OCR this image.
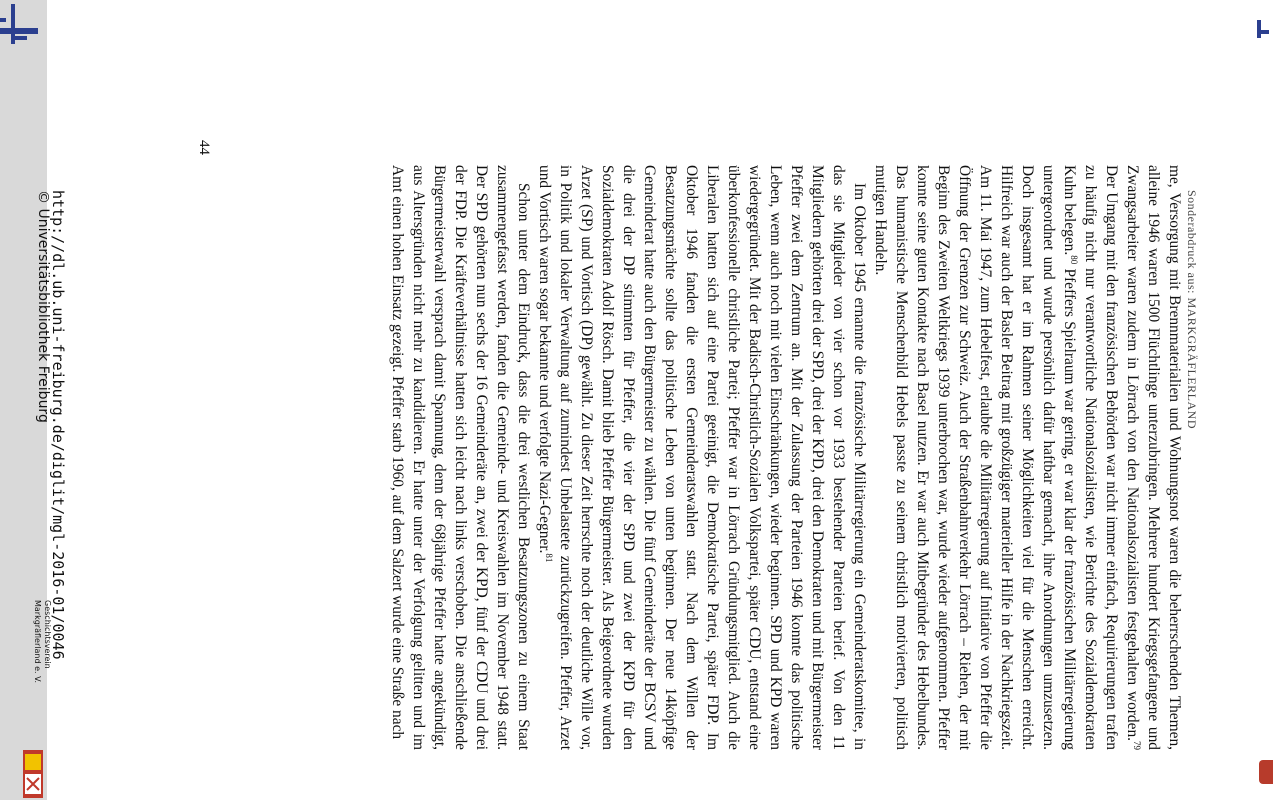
Sonderabdruck aus: MARKGRÄFLERLAND

me, Versorgung mit Brennmaterialien und Wohnungsnot waren die beherrschenden Themen, alleine 1946 waren 1500 Flüchtlinge unterzubringen. Mehrere hundert Kriegsgefangene und Zwangsarbeiter waren zudem in Lörrach von den Nationalsozialisten festgehalten worden.$^{79}$ Der Umgang mit den französischen Behörden war nicht immer einfach, Requirierungen trafen zu häufig nicht nur verantwortliche Nationalsozialisten, wie Berichte des Sozialdemokraten Kuhn belegen.$^{80}$ Pfeffers Spielraum war gering, er war klar der französischen Militärregierung untergeordnet und wurde persönlich dafür haftbar gemacht, ihre Anordnungen umzusetzen. Doch insgesamt hat er im Rahmen seiner Möglichkeiten viel für die Menschen erreicht. Hilfreich war auch der Basler Beitrag mit großzügiger materieller Hilfe in der Nachkriegszeit. Am 11. Mai 1947, zum Hebelfest, erlaubte die Militärregierung auf Initiative von Pfeffer die Öffnung der Grenzen zur Schweiz. Auch der Straßenbahnverkehr Lörrach – Riehen, der mit Beginn des Zweiten Weltkriegs 1939 unterbrochen war, wurde wieder aufgenommen. Pfeffer konnte seine guten Kontakte nach Basel nutzen. Er war auch Mitbegründer des Hebelbundes. Das humanistische Menschenbild Hebels passte zu seinem christlich motivierten, politisch mutigen Handeln.

Im Oktober 1945 ernannte die französische Militärregierung ein Gemeinderatskomitee, in das sie Mitglieder von vier schon vor 1933 bestehender Parteien berief. Von den 11 Mitgliedern gehörten drei der SPD, drei der KPD, drei den Demokraten und mit Bürgermeister Pfeffer zwei dem Zentrum an. Mit der Zulassung der Parteien 1946 konnte das politische Leben, wenn auch noch mit vielen Einschränkungen, wieder beginnen. SPD und KPD waren wiedergegründet. Mit der Badisch-Christlich-Sozialen Volkspartei, später CDU, entstand eine überkonfessionelle christliche Partei; Pfeffer war in Lörrach Gründungsmitglied. Auch die Liberalen hatten sich auf eine Partei geeinigt, die Demokratische Partei, später FDP. Im Oktober 1946 fanden die ersten Gemeinderatswahlen statt. Nach dem Willen der Besatzungsmächte sollte das politische Leben von unten beginnen. Der neue 14köpfige Gemeinderat hatte auch den Bürgermeister zu wählen. Die fünf Gemeinderäte der BCSV und die drei der DP stimmten für Pfeffer, die vier der SPD und zwei der KPD für den Sozialdemokraten Adolf Rösch. Damit blieb Pfeffer Bürgermeister. Als Beigeordnete wurden Arzet (SP) und Vortisch (DP) gewählt. Zu dieser Zeit herrschte noch der deutliche Wille vor, in Politik und lokaler Verwaltung auf zumindest Unbelastete zurückzugreifen. Pfeffer, Arzet und Vortisch waren sogar bekannte und verfolgte Nazi-Gegner.$^{81}$

Schon unter dem Eindruck, dass die drei westlichen Besatzungszonen zu einem Staat zusammengefasst werden, fanden die Gemeinde- und Kreiswahlen im November 1948 statt. Der SPD gehörten nun sechs der 16 Gemeinderäte an, zwei der KPD, fünf der CDU und drei der FDP. Die Kräfteverhältnisse hatten sich leicht nach links verschoben. Die anschließende Bürgermeisterwahl versprach damit Spannung, denn der 68jährige Pfeffer hatte angekündigt, aus Altersgründen nicht mehr zu kandidieren. Er hatte unter der Verfolgung gelitten und im Amt einen hohen Einsatz gezeigt. Pfeffer starb 1960, auf dem Salzert wurde eine Straße nach

44
http://dl.ub.uni-freiburg.de/diglit/mgl-2016-01/0046
© Universitätsbibliothek Freiburg
Geschichtsverein Markgräflerland e. V.
